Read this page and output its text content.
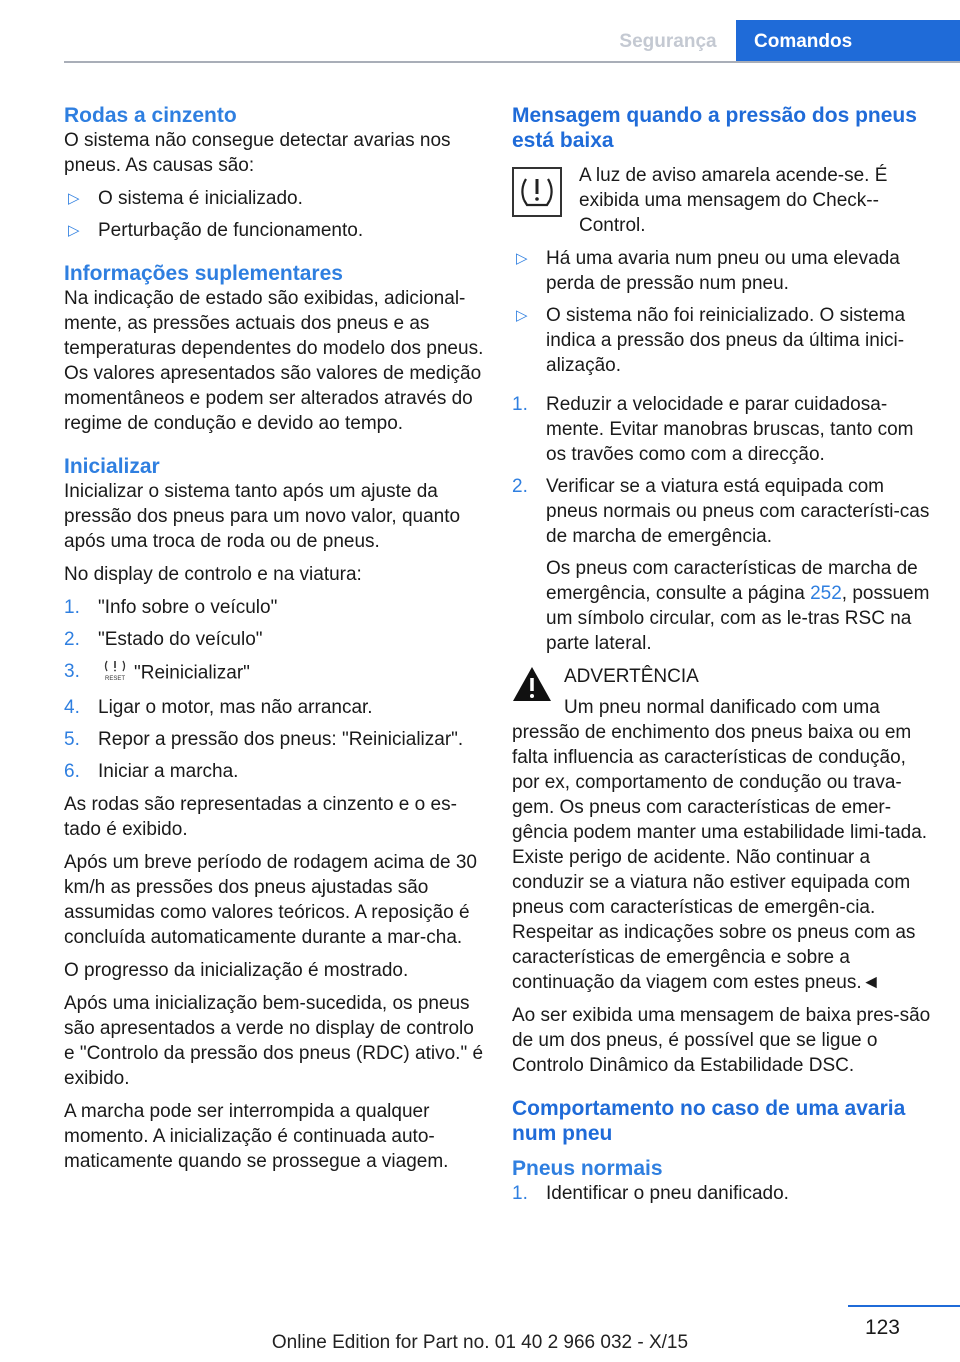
Segurança	Comandos
Rodas a cinzento

O sistema não consegue detectar avarias nos pneus. As causas são:

▷ O sistema é inicializado.
▷ Perturbação de funcionamento.
Informações suplementares

Na indicação de estado são exibidas, adicional-mente, as pressões actuais dos pneus e as temperaturas dependentes do modelo dos pneus. Os valores apresentados são valores de medição momentâneos e podem ser alterados através do regime de condução e devido ao tempo.

Inicializar

Inicializar o sistema tanto após um ajuste da pressão dos pneus para um novo valor, quanto após uma troca de roda ou de pneus.

No display de controlo e na viatura:

1. "Info sobre o veículo"
2. "Estado do veículo"
3.	RESET "Reinicializar"
4. Ligar o motor, mas não arrancar.
5. Repor a pressão dos pneus: "Reinicializar".
6. Iniciar a marcha.

As rodas são representadas a cinzento e o es-tado é exibido.

Após um breve período de rodagem acima de 30 km/h as pressões dos pneus ajustadas são assumidas como valores teóricos. A reposição é concluída automaticamente durante a mar-cha.

O progresso da inicialização é mostrado.

Após uma inicialização bem-sucedida, os pneus são apresentados a verde no display de controlo e "Controlo da pressão dos pneus (RDC) ativo." é exibido.

A marcha pode ser interrompida a qualquer momento. A inicialização é continuada auto-maticamente quando se prossegue a viagem.

Mensagem quando a pressão dos pneus está baixa

A luz de aviso amarela acende-se. É exibida uma mensagem do Check--Control.

▷ Há uma avaria num pneu ou uma elevada perda de pressão num pneu.
▷ O sistema não foi reinicializado. O sistema indica a pressão dos pneus da última inici-alização.
1. Reduzir a velocidade e parar cuidadosa-mente. Evitar manobras bruscas, tanto com os travões como com a direcção.
2. Verificar se a viatura está equipada com pneus normais ou pneus com característi-cas de marcha de emergência.
Os pneus com características de marcha de emergência, consulte a página 252, possuem um símbolo circular, com as le-tras RSC na parte lateral.
ADVERTÊNCIA

Um pneu normal danificado com uma

pressão de enchimento dos pneus baixa ou em falta influencia as características de condução, por ex, comportamento de condução ou trava-gem. Os pneus com características de emer-gência podem manter uma estabilidade limi-tada. Existe perigo de acidente. Não continuar a conduzir se a viatura não estiver equipada com pneus com características de emergên-cia. Respeitar as indicações sobre os pneus com as características de emergência e sobre a continuação da viagem com estes pneus.◄

Ao ser exibida uma mensagem de baixa pres-são de um dos pneus, é possível que se ligue o Controlo Dinâmico da Estabilidade DSC.

Comportamento no caso de uma avaria num pneu
Pneus normais
1. Identificar o pneu danificado.
123
Online Edition for Part no. 01 40 2 966 032 - X/15
